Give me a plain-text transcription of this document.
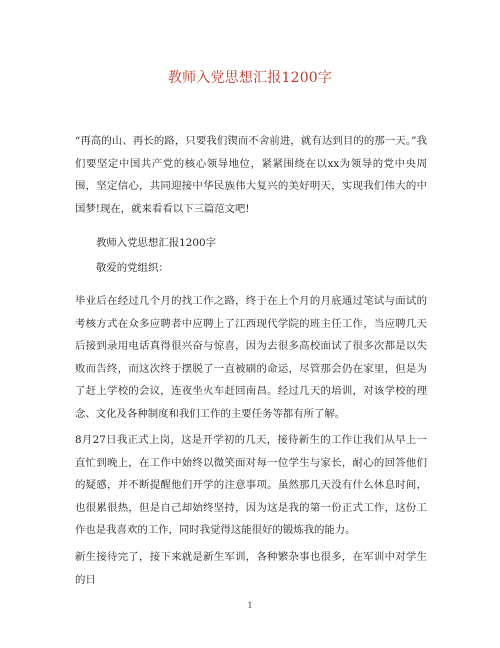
教师入党思想汇报1200字

“再高的山、再长的路，只要我们锲而不舍前进，就有达到目的的那一天。”我们要坚定中国共产党的核心领导地位，紧紧围绕在以xx为领导的党中央周围，坚定信心，共同迎接中华民族伟大复兴的美好明天，实现我们伟大的中国梦!现在，就来看看以下三篇范文吧!

教师入党思想汇报1200字

敬爱的党组织：

毕业后在经过几个月的找工作之路，终于在上个月的月底通过笔试与面试的考核方式在众多应聘者中应聘上了江西现代学院的班主任工作，当应聘几天后接到录用电话真得很兴奋与惊喜，因为去很多高校面试了很多次都是以失败而告终，而这次终于摆脱了一直被刷的命运，尽管那会仍在家里，但是为了赶上学校的会议，连夜坐火车赶回南昌。经过几天的培训，对该学校的理念、文化及各种制度和我们工作的主要任务等都有所了解。

8月27日我正式上岗，这是开学初的几天，接待新生的工作让我们从早上一直忙到晚上，在工作中始终以微笑面对每一位学生与家长，耐心的回答他们的疑感，并不断提醒他们开学的注意事项。虽然那几天没有什么休息时间，也很累很热，但是自己却始终坚持，因为这是我的第一份正式工作，这份工作也是我喜欢的工作，同时我觉得这能很好的锻炼我的能力。

新生接待完了，接下来就是新生军训，各种繁杂事也很多，在军训中对学生的日

1
